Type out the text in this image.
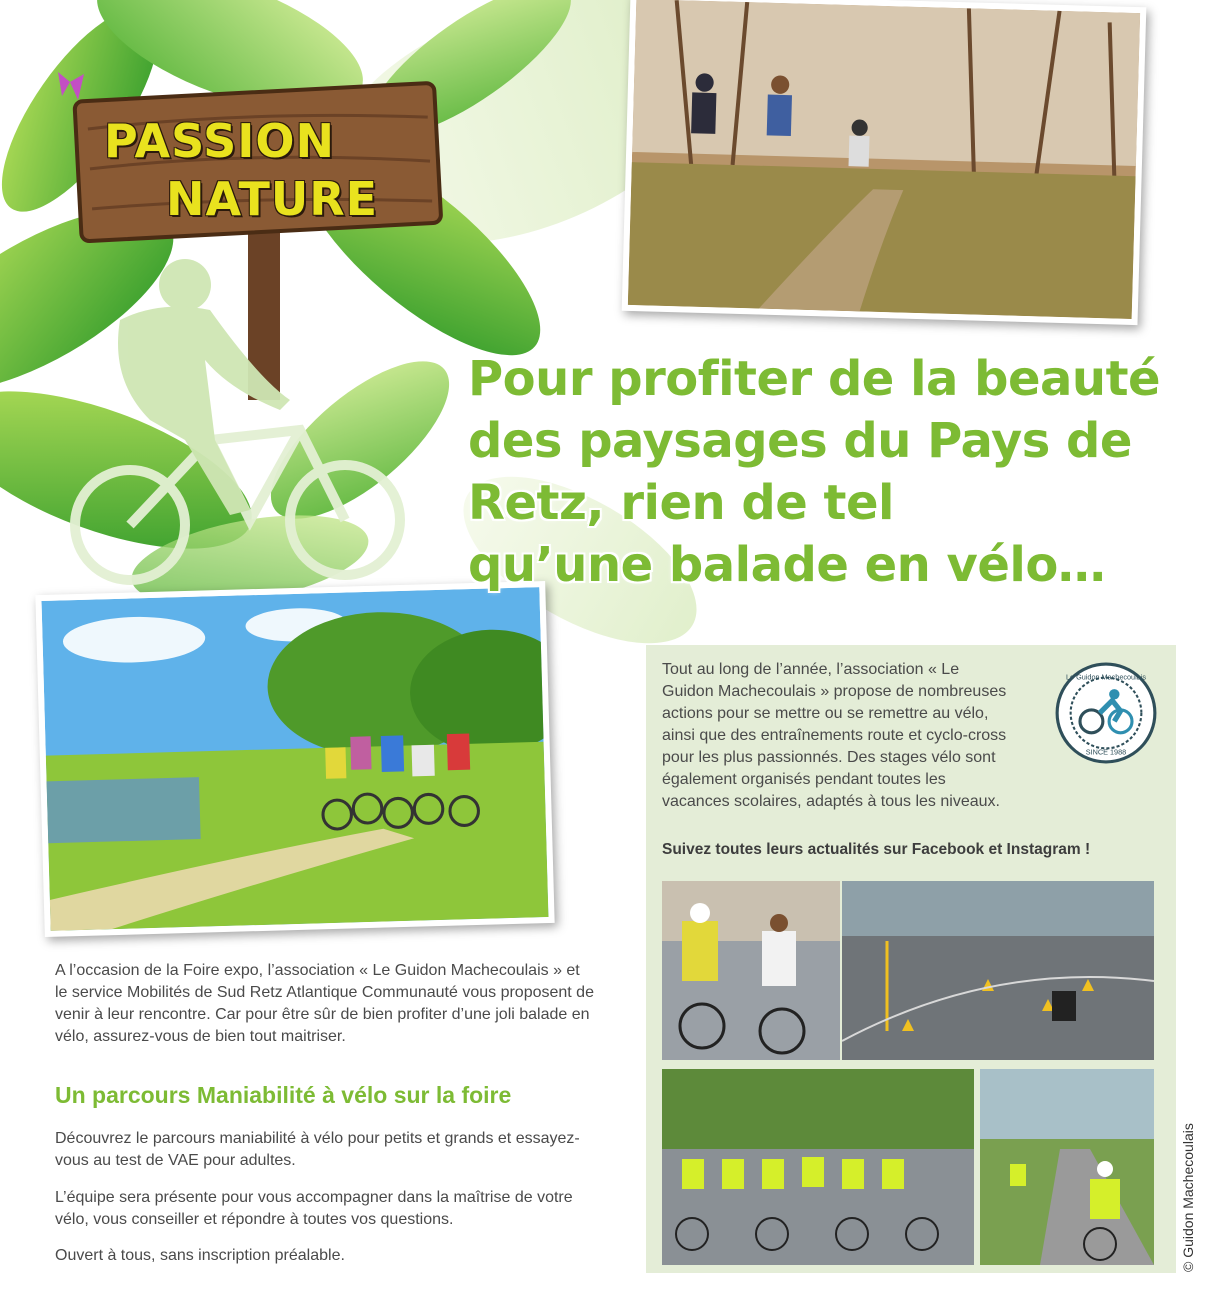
PASSION
NATURE
Pour profiter de la beauté
des paysages du Pays de
Retz, rien de tel
qu’une balade en vélo…
Tout au long de l’année, l’association « Le Guidon Machecoulais » propose de nombreuses actions pour se mettre ou se remettre au vélo, ainsi que des entraînements route et cyclo-cross pour les plus passionnés. Des stages vélo sont également organisés pendant toutes les vacances scolaires, adaptés à tous les niveaux.
Le Guidon Machecoulais
SINCE 1988
Suivez toutes leurs actualités sur Facebook et Instagram !
A l’occasion de la Foire expo, l’association « Le Guidon Machecoulais » et le service Mobilités de Sud Retz Atlantique Communauté vous proposent de venir à leur rencontre. Car pour être sûr de bien profiter d’une joli balade en vélo, assurez-vous de bien tout maitriser.
Un parcours Maniabilité à vélo sur la foire
Découvrez le parcours maniabilité à vélo pour petits et grands et essayez-vous au test de VAE pour adultes.
L’équipe sera présente pour vous accompagner dans la maîtrise de votre vélo, vous conseiller et répondre à toutes vos questions.
Ouvert à tous, sans inscription préalable.	© Guidon Machecoulais
